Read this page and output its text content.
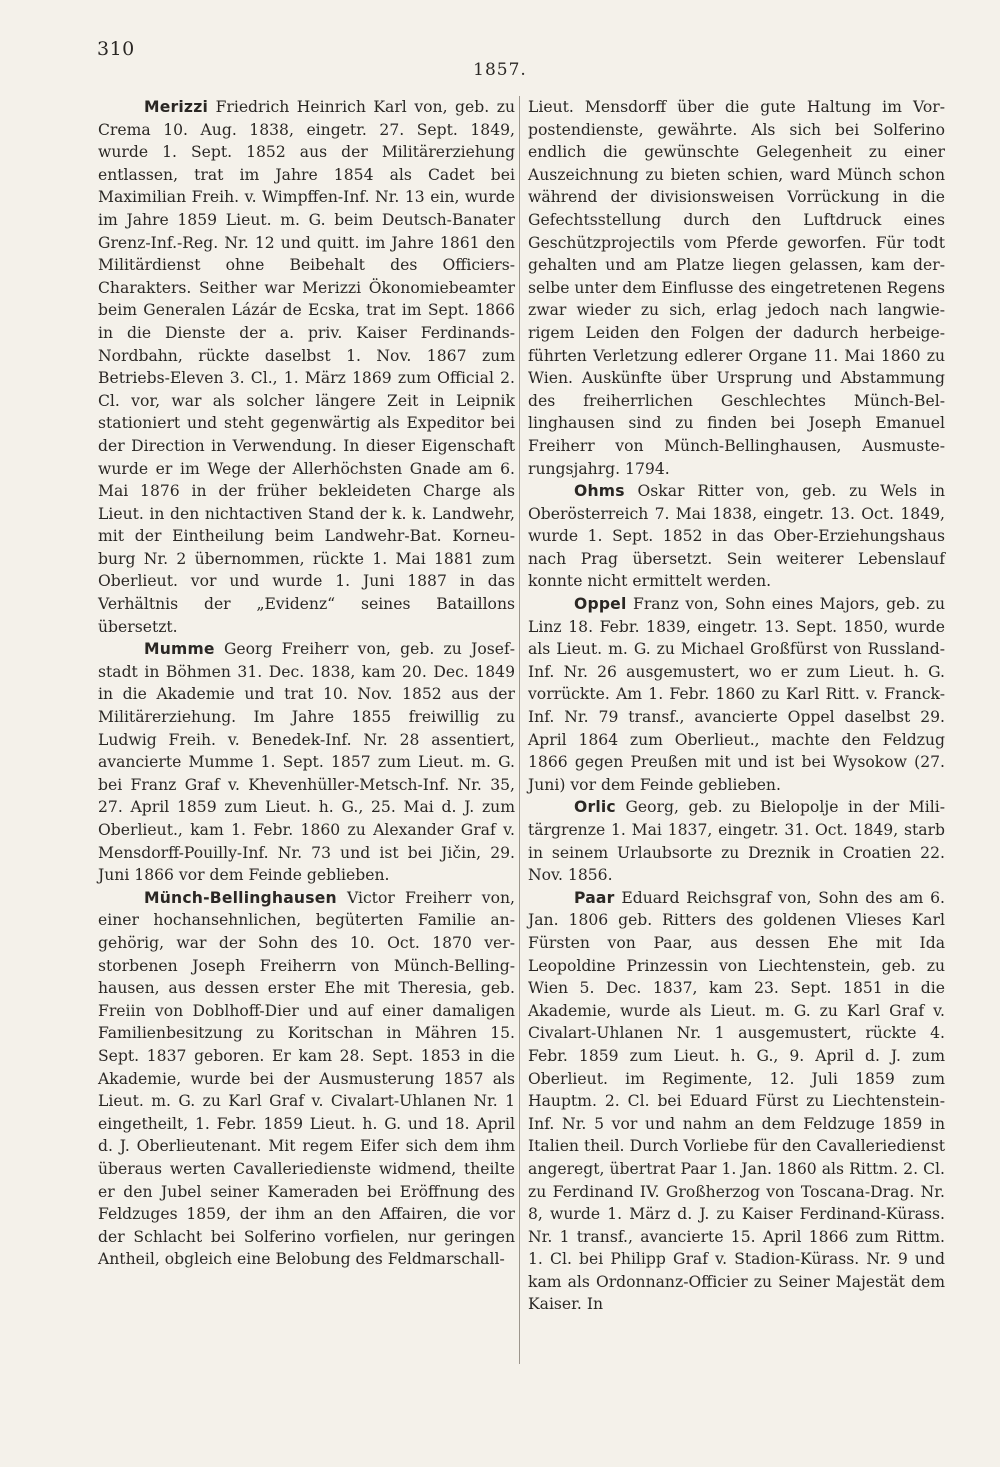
310
1857.

Merizzi Friedrich Heinrich Karl von, geb. zu Crema 10. Aug. 1838, eingetr. 27. Sept. 1849, wurde 1. Sept. 1852 aus der Militärerziehung entlassen, trat im Jahre 1854 als Cadet bei Maximilian Freih. v. Wimpffen-Inf. Nr. 13 ein, wurde im Jahre 1859 Lieut. m. G. beim Deutsch-Banater Grenz-Inf.-Reg. Nr. 12 und quitt. im Jahre 1861 den Militärdienst ohne Beibehalt des Officiers-Charakters. Seither war Merizzi Ökonomiebeamter beim Generalen Lázár de Ecska, trat im Sept. 1866 in die Dienste der a. priv. Kaiser Ferdinands-Nordbahn, rückte daselbst 1. Nov. 1867 zum Betriebs-Eleven 3. Cl., 1. März 1869 zum Official 2. Cl. vor, war als solcher längere Zeit in Leipnik stationiert und steht gegenwärtig als Expeditor bei der Direction in Verwendung. In dieser Eigenschaft wurde er im Wege der Allerhöchsten Gnade am 6. Mai 1876 in der früher bekleideten Charge als Lieut. in den nichtactiven Stand der k. k. Landwehr, mit der Eintheilung beim Landwehr-Bat. Korneuburg Nr. 2 übernommen, rückte 1. Mai 1881 zum Oberlieut. vor und wurde 1. Juni 1887 in das Verhältnis der „Evidenz“ seines Bataillons übersetzt.

Mumme Georg Freiherr von, geb. zu Josefstadt in Böhmen 31. Dec. 1838, kam 20. Dec. 1849 in die Akademie und trat 10. Nov. 1852 aus der Militärerziehung. Im Jahre 1855 freiwillig zu Ludwig Freih. v. Benedek-Inf. Nr. 28 assentiert, avancierte Mumme 1. Sept. 1857 zum Lieut. m. G. bei Franz Graf v. Khevenhüller-Metsch-Inf. Nr. 35, 27. April 1859 zum Lieut. h. G., 25. Mai d. J. zum Oberlieut., kam 1. Febr. 1860 zu Alexander Graf v. Mensdorff-Pouilly-Inf. Nr. 73 und ist bei Jičin, 29. Juni 1866 vor dem Feinde geblieben.

Münch-Bellinghausen Victor Freiherr von, einer hochansehnlichen, begüterten Familie angehörig, war der Sohn des 10. Oct. 1870 verstorbenen Joseph Freiherrn von Münch-Bellinghausen, aus dessen erster Ehe mit Theresia, geb. Freiin von Doblhoff-Dier und auf einer damaligen Familienbesitzung zu Koritschan in Mähren 15. Sept. 1837 geboren. Er kam 28. Sept. 1853 in die Akademie, wurde bei der Ausmusterung 1857 als Lieut. m. G. zu Karl Graf v. Civalart-Uhlanen Nr. 1 eingetheilt, 1. Febr. 1859 Lieut. h. G. und 18. April d. J. Oberlieutenant. Mit regem Eifer sich dem ihm überaus werten Cavalleriedienste widmend, theilte er den Jubel seiner Kameraden bei Eröffnung des Feldzuges 1859, der ihm an den Affairen, die vor der Schlacht bei Solferino vorfielen, nur geringen Antheil, obgleich eine Belobung des Feldmarschall-

Lieut. Mensdorff über die gute Haltung im Vorpostendienste, gewährte. Als sich bei Solferino endlich die gewünschte Gelegenheit zu einer Auszeichnung zu bieten schien, ward Münch schon während der divisionsweisen Vorrückung in die Gefechtsstellung durch den Luftdruck eines Geschützprojectils vom Pferde geworfen. Für todt gehalten und am Platze liegen gelassen, kam derselbe unter dem Einflusse des eingetretenen Regens zwar wieder zu sich, erlag jedoch nach langwierigem Leiden den Folgen der dadurch herbeigeführten Verletzung edlerer Organe 11. Mai 1860 zu Wien. Auskünfte über Ursprung und Abstammung des freiherrlichen Geschlechtes Münch-Bellinghausen sind zu finden bei Joseph Emanuel Freiherr von Münch-Bellinghausen, Ausmusterungsjahrg. 1794.

Ohms Oskar Ritter von, geb. zu Wels in Oberösterreich 7. Mai 1838, eingetr. 13. Oct. 1849, wurde 1. Sept. 1852 in das Ober-Erziehungshaus nach Prag übersetzt. Sein weiterer Lebenslauf konnte nicht ermittelt werden.

Oppel Franz von, Sohn eines Majors, geb. zu Linz 18. Febr. 1839, eingetr. 13. Sept. 1850, wurde als Lieut. m. G. zu Michael Großfürst von Russland-Inf. Nr. 26 ausgemustert, wo er zum Lieut. h. G. vorrückte. Am 1. Febr. 1860 zu Karl Ritt. v. Franck-Inf. Nr. 79 transf., avancierte Oppel daselbst 29. April 1864 zum Oberlieut., machte den Feldzug 1866 gegen Preußen mit und ist bei Wysokow (27. Juni) vor dem Feinde geblieben.

Orlic Georg, geb. zu Bielopolje in der Militärgrenze 1. Mai 1837, eingetr. 31. Oct. 1849, starb in seinem Urlaubsorte zu Dreznik in Croatien 22. Nov. 1856.

Paar Eduard Reichsgraf von, Sohn des am 6. Jan. 1806 geb. Ritters des goldenen Vlieses Karl Fürsten von Paar, aus dessen Ehe mit Ida Leopoldine Prinzessin von Liechtenstein, geb. zu Wien 5. Dec. 1837, kam 23. Sept. 1851 in die Akademie, wurde als Lieut. m. G. zu Karl Graf v. Civalart-Uhlanen Nr. 1 ausgemustert, rückte 4. Febr. 1859 zum Lieut. h. G., 9. April d. J. zum Oberlieut. im Regimente, 12. Juli 1859 zum Hauptm. 2. Cl. bei Eduard Fürst zu Liechtenstein-Inf. Nr. 5 vor und nahm an dem Feldzuge 1859 in Italien theil. Durch Vorliebe für den Cavalleriedienst angeregt, übertrat Paar 1. Jan. 1860 als Rittm. 2. Cl. zu Ferdinand IV. Großherzog von Toscana-Drag. Nr. 8, wurde 1. März d. J. zu Kaiser Ferdinand-Kürass. Nr. 1 transf., avancierte 15. April 1866 zum Rittm. 1. Cl. bei Philipp Graf v. Stadion-Kürass. Nr. 9 und kam als Ordonnanz-Officier zu Seiner Majestät dem Kaiser. In
